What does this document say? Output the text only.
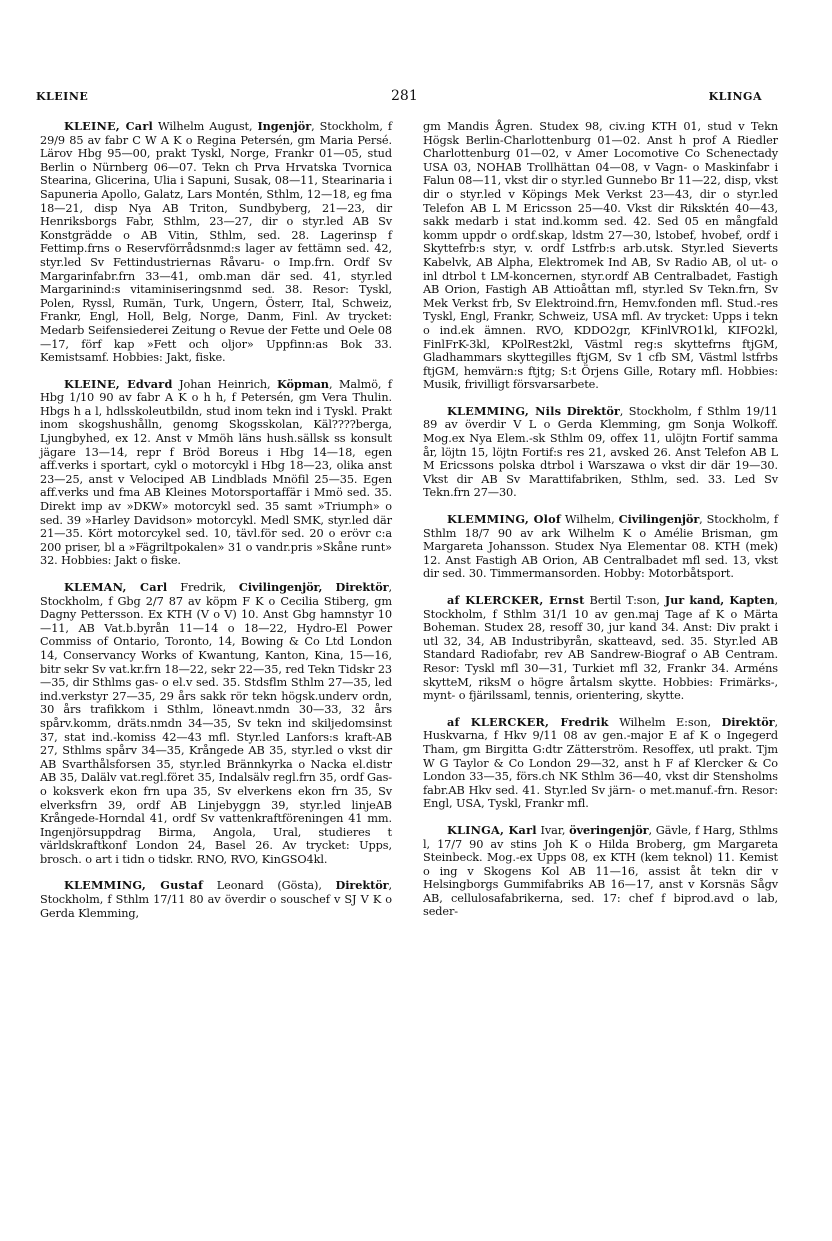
KLEINE	281	KLINGA

KLEINE, Carl Wilhelm August, Ingenjör, Stockholm, f 29/9 85 av fabr C W A K o Regina Petersén, gm Maria Persé. Lärov Hbg 95—00, prakt Tyskl, Norge, Frankr 01—05, stud Berlin o Nürnberg 06—07. Tekn ch Prva Hrvatska Tvornica Stearina, Glicerina, Ulia i Sapuni, Susak, 08—11, Stearinaria i Sapuneria Apollo, Galatz, Lars Montén, Sthlm, 12—18, eg fma 18—21, disp Nya AB Triton, Sundbyberg, 21—23, dir Henriksborgs Fabr, Sthlm, 23—27, dir o styr.led AB Sv Konstgrädde o AB Vitin, Sthlm, sed. 28. Lagerinsp f Fettimp.frns o Reservförrådsnmd:s lager av fettämn sed. 42, styr.led Sv Fettindustriernas Råvaru- o Imp.frn. Ordf Sv Margarinfabr.frn 33—41, omb.man där sed. 41, styr.led Margarinind:s vitaminiseringsnmd sed. 38. Resor: Tyskl, Polen, Ryssl, Rumän, Turk, Ungern, Österr, Ital, Schweiz, Frankr, Engl, Holl, Belg, Norge, Danm, Finl. Av trycket: Medarb Seifensiederei Zeitung o Revue der Fette und Oele 08—17, förf kap »Fett och oljor» Uppfinn:as Bok 33. Kemistsamf. Hobbies: Jakt, fiske.

KLEINE, Edvard Johan Heinrich, Köpman, Malmö, f Hbg 1/10 90 av fabr A K o h h, f Petersén, gm Vera Thulin. Hbgs h a l, hdlsskoleutbildn, stud inom tekn ind i Tyskl. Prakt inom skogshushålln, genomg Skogsskolan, Käl????berga, Ljungbyhed, ex 12. Anst v Mmöh läns hush.sällsk ss konsult jägare 13—14, repr f Bröd Boreus i Hbg 14—18, egen aff.verks i sportart, cykl o motorcykl i Hbg 18—23, olika anst 23—25, anst v Velociped AB Lindblads Mnöfil 25—35. Egen aff.verks und fma AB Kleines Motorsportaffär i Mmö sed. 35. Direkt imp av »DKW» motorcykl sed. 35 samt »Triumph» o sed. 39 »Harley Davidson» motorcykl. Medl SMK, styr.led där 21—35. Kört motorcykel sed. 10, tävl.för sed. 20 o erövr c:a 200 priser, bl a »Fägriltpokalen» 31 o vandr.pris »Skåne runt» 32. Hobbies: Jakt o fiske.

KLEMAN, Carl Fredrik, Civilingenjör, Direktör, Stockholm, f Gbg 2/7 87 av köpm F K o Cecilia Stiberg, gm Dagny Pettersson. Ex KTH (V o V) 10. Anst Gbg hamnstyr 10—11, AB Vat.b.byrån 11—14 o 18—22, Hydro-El Power Commiss of Ontario, Toronto, 14, Bowing & Co Ltd London 14, Conservancy Works of Kwantung, Kanton, Kina, 15—16, bitr sekr Sv vat.kr.frn 18—22, sekr 22—35, red Tekn Tidskr 23—35, dir Sthlms gas- o el.v sed. 35. Stdsflm Sthlm 27—35, led ind.verkstyr 27—35, 29 års sakk rör tekn högsk.underv ordn, 30 års trafikkom i Sthlm, löneavt.nmdn 30—33, 32 års spårv.komm, dräts.nmdn 34—35, Sv tekn ind skiljedomsinst 37, stat ind.-komiss 42—43 mfl. Styr.led Lanfors:s kraft-AB 27, Sthlms spårv 34—35, Krångede AB 35, styr.led o vkst dir AB Svarthålsforsen 35, styr.led Brännkyrka o Nacka el.distr AB 35, Dalälv vat.regl.föret 35, Indalsälv regl.frn 35, ordf Gas- o koksverk ekon frn upa 35, Sv elverkens ekon frn 35, Sv elverksfrn 39, ordf AB Linjebyggn 39, styr.led linjeAB Krångede-Horndal 41, ordf Sv vattenkraftföreningen 41 mm. Ingenjörsuppdrag Birma, Angola, Ural, studieres t världskraftkonf London 24, Basel 26. Av trycket: Upps, brosch. o art i tidn o tidskr. RNO, RVO, KinGSO4kl.

KLEMMING, Gustaf Leonard (Gösta), Direktör, Stockholm, f Sthlm 17/11 80 av överdir o souschef v SJ V K o Gerda Klemming,

gm Mandis Ågren. Studex 98, civ.ing KTH 01, stud v Tekn Högsk Berlin-Charlottenburg 01—02. Anst h prof A Riedler Charlottenburg 01—02, v Amer Locomotive Co Schenectady USA 03, NOHAB Trollhättan 04—08, v Vagn- o Maskinfabr i Falun 08—11, vkst dir o styr.led Gunnebo Br 11—22, disp, vkst dir o styr.led v Köpings Mek Verkst 23—43, dir o styr.led Telefon AB L M Ericsson 25—40. Vkst dir Riksktén 40—43, sakk medarb i stat ind.komm sed. 42. Sed 05 en mångfald komm uppdr o ordf.skap, ldstm 27—30, lstobef, hvobef, ordf i Skyttefrb:s styr, v. ordf Lstfrb:s arb.utsk. Styr.led Sieverts Kabelvk, AB Alpha, Elektromek Ind AB, Sv Radio AB, ol ut- o inl dtrbol t LM-koncernen, styr.ordf AB Centralbadet, Fastigh AB Orion, Fastigh AB Attioåttan mfl, styr.led Sv Tekn.frn, Sv Mek Verkst frb, Sv Elektroind.frn, Hemv.fonden mfl. Stud.-res Tyskl, Engl, Frankr, Schweiz, USA mfl. Av trycket: Upps i tekn o ind.ek ämnen. RVO, KDDO2gr, KFinlVRO1kl, KIFO2kl, FinlFrK-3kl, KPolRest2kl, Västml reg:s skyttefrns ftjGM, Gladhammars skyttegilles ftjGM, Sv 1 cfb SM, Västml lstfrbs ftjGM, hemvärn:s ftjtg; S:t Örjens Gille, Rotary mfl. Hobbies: Musik, frivilligt försvarsarbete.

KLEMMING, Nils Direktör, Stockholm, f Sthlm 19/11 89 av överdir V L o Gerda Klemming, gm Sonja Wolkoff. Mog.ex Nya Elem.-sk Sthlm 09, offex 11, ulöjtn Fortif samma år, löjtn 15, löjtn Fortif:s res 21, avsked 26. Anst Telefon AB L M Ericssons polska dtrbol i Warszawa o vkst dir där 19—30. Vkst dir AB Sv Marattifabriken, Sthlm, sed. 33. Led Sv Tekn.frn 27—30.

KLEMMING, Olof Wilhelm, Civilingenjör, Stockholm, f Sthlm 18/7 90 av ark Wilhelm K o Amélie Brisman, gm Margareta Johansson. Studex Nya Elementar 08. KTH (mek) 12. Anst Fastigh AB Orion, AB Centralbadet mfl sed. 13, vkst dir sed. 30. Timmermansorden. Hobby: Motorbåtsport.

af KLERCKER, Ernst Bertil T:son, Jur kand, Kapten, Stockholm, f Sthlm 31/1 10 av gen.maj Tage af K o Märta Boheman. Studex 28, resoff 30, jur kand 34. Anst: Div prakt i utl 32, 34, AB Industribyrån, skatteavd, sed. 35. Styr.led AB Standard Radiofabr, rev AB Sandrew-Biograf o AB Centram. Resor: Tyskl mfl 30—31, Turkiet mfl 32, Frankr 34. Arméns skytteM, riksM o högre årtalsm skytte. Hobbies: Frimärks-, mynt- o fjärilssaml, tennis, orientering, skytte.

af KLERCKER, Fredrik Wilhelm E:son, Direktör, Huskvarna, f Hkv 9/11 08 av gen.-major E af K o Ingegerd Tham, gm Birgitta G:dtr Zätterström. Resoffex, utl prakt. Tjm W G Taylor & Co London 29—32, anst h F af Klercker & Co London 33—35, förs.ch NK Sthlm 36—40, vkst dir Stensholms fabr.AB Hkv sed. 41. Styr.led Sv järn- o met.manuf.-frn. Resor: Engl, USA, Tyskl, Frankr mfl.

KLINGA, Karl Ivar, överingenjör, Gävle, f Harg, Sthlms l, 17/7 90 av stins Joh K o Hilda Broberg, gm Margareta Steinbeck. Mog.-ex Upps 08, ex KTH (kem teknol) 11. Kemist o ing v Skogens Kol AB 11—16, assist åt tekn dir v Helsingborgs Gummifabriks AB 16—17, anst v Korsnäs Sågv AB, cellulosafabrikerna, sed. 17: chef f biprod.avd o lab, seder-
